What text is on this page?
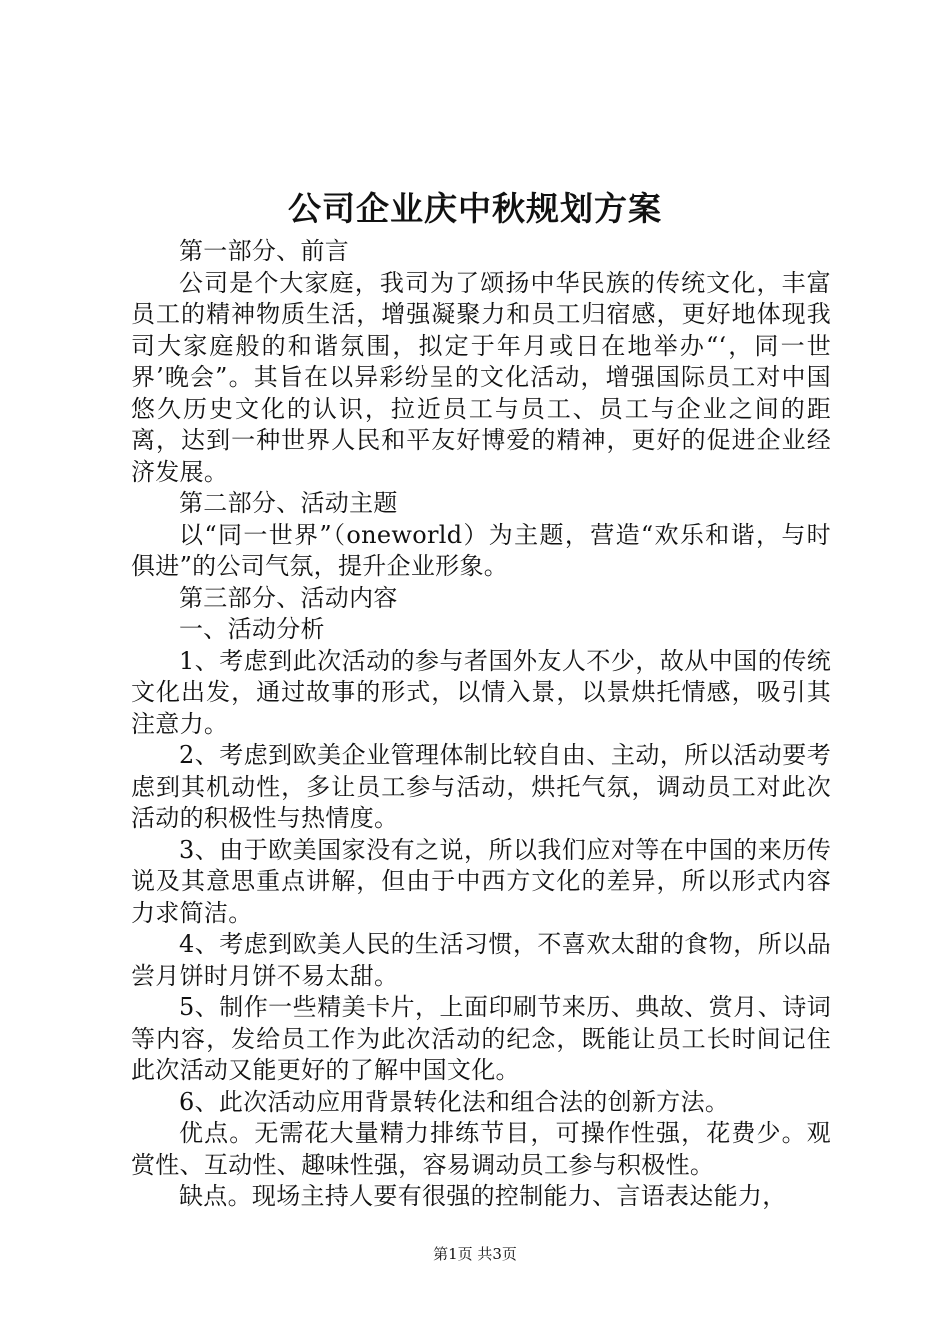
公司企业庆中秋规划方案

第一部分、前言

公司是个大家庭，我司为了颂扬中华民族的传统文化，丰富员工的精神物质生活，增强凝聚力和员工归宿感，更好地体现我司大家庭般的和谐氛围，拟定于年月或日在地举办“‘，同一世界’晚会”。其旨在以异彩纷呈的文化活动，增强国际员工对中国悠久历史文化的认识，拉近员工与员工、员工与企业之间的距离，达到一种世界人民和平友好博爱的精神，更好的促进企业经济发展。

第二部分、活动主题

以“同一世界”（oneworld）为主题，营造“欢乐和谐，与时俱进”的公司气氛，提升企业形象。

第三部分、活动内容

一、活动分析

1、考虑到此次活动的参与者国外友人不少，故从中国的传统文化出发，通过故事的形式，以情入景，以景烘托情感，吸引其注意力。

2、考虑到欧美企业管理体制比较自由、主动，所以活动要考虑到其机动性，多让员工参与活动，烘托气氛，调动员工对此次活动的积极性与热情度。

3、由于欧美国家没有之说，所以我们应对等在中国的来历传说及其意思重点讲解，但由于中西方文化的差异，所以形式内容力求简洁。

4、考虑到欧美人民的生活习惯，不喜欢太甜的食物，所以品尝月饼时月饼不易太甜。

5、制作一些精美卡片，上面印刷节来历、典故、赏月、诗词等内容，发给员工作为此次活动的纪念，既能让员工长时间记住此次活动又能更好的了解中国文化。

6、此次活动应用背景转化法和组合法的创新方法。

优点。无需花大量精力排练节目，可操作性强，花费少。观赏性、互动性、趣味性强，容易调动员工参与积极性。

缺点。现场主持人要有很强的控制能力、言语表达能力，

第1页 共3页
